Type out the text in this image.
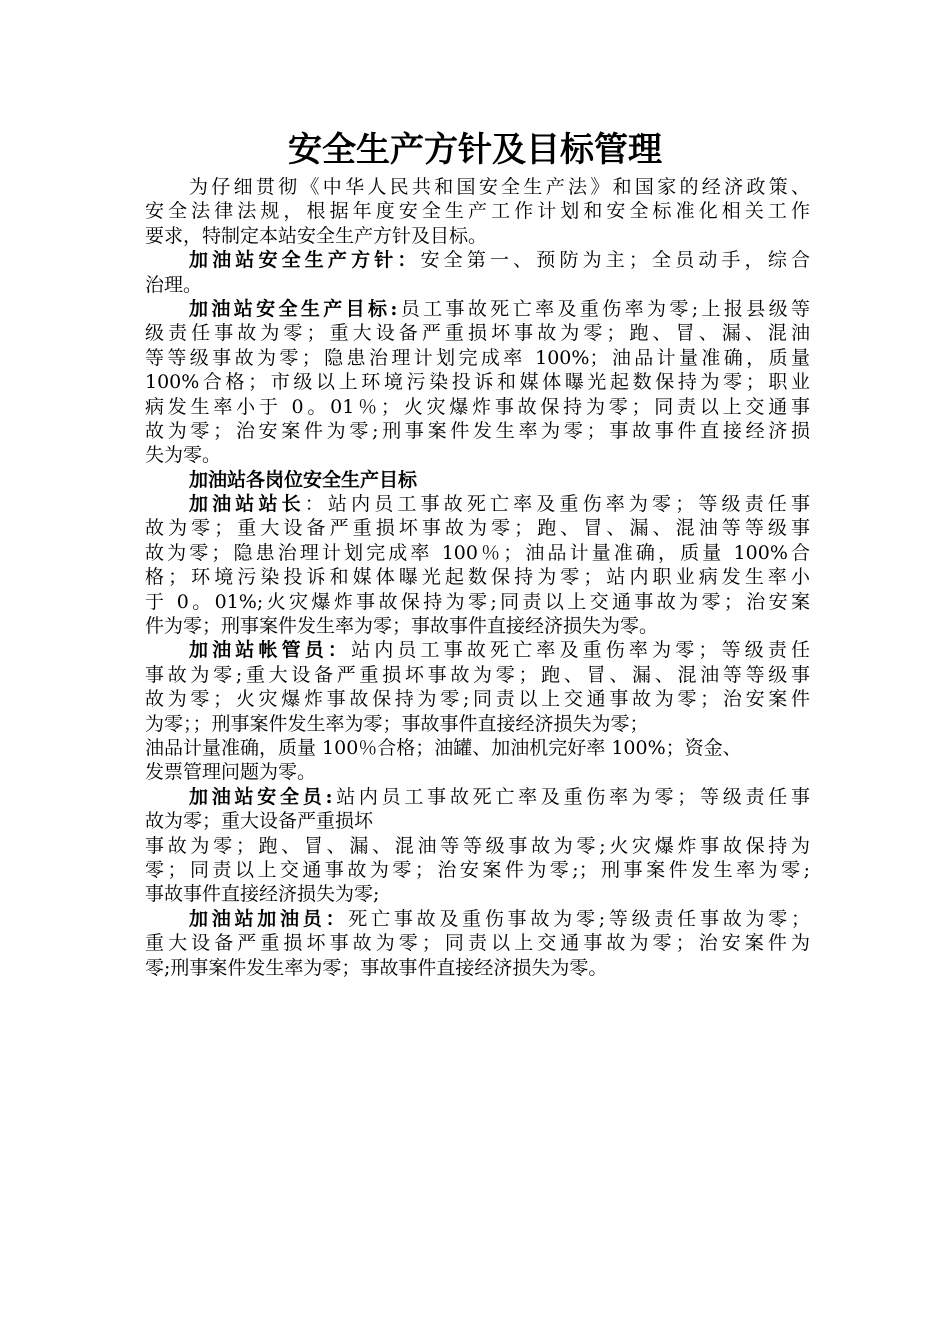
安全生产方针及目标管理
为仔细贯彻《中华人民共和国安全生产法》和国家的经济政策、
安全法律法规，根据年度安全生产工作计划和安全标准化相关工作
要求，特制定本站安全生产方针及目标。
加油站安全生产方针：安全第一、预防为主；全员动手，综合
治理。
加油站安全生产目标:员工事故死亡率及重伤率为零;上报县级等
级责任事故为零；重大设备严重损坏事故为零；跑、冒、漏、混油
等等级事故为零；隐患治理计划完成率 100%；油品计量准确，质量
100%合格；市级以上环境污染投诉和媒体曝光起数保持为零；职业
病发生率小于 0。01％；火灾爆炸事故保持为零；同责以上交通事
故为零；治安案件为零;刑事案件发生率为零；事故事件直接经济损
失为零。
加油站各岗位安全生产目标
加油站站长：站内员工事故死亡率及重伤率为零；等级责任事
故为零；重大设备严重损坏事故为零；跑、冒、漏、混油等等级事
故为零；隐患治理计划完成率 100％；油品计量准确，质量 100%合
格；环境污染投诉和媒体曝光起数保持为零；站内职业病发生率小
于 0。01%;火灾爆炸事故保持为零;同责以上交通事故为零；治安案
件为零；刑事案件发生率为零；事故事件直接经济损失为零。
加油站帐管员：站内员工事故死亡率及重伤率为零；等级责任
事故为零;重大设备严重损坏事故为零；跑、冒、漏、混油等等级事
故为零；火灾爆炸事故保持为零;同责以上交通事故为零；治安案件
为零；；刑事案件发生率为零；事故事件直接经济损失为零；
油品计量准确，质量 100％合格；油罐、加油机完好率 100%；资金、
发票管理问题为零。
加油站安全员:站内员工事故死亡率及重伤率为零；等级责任事
故为零；重大设备严重损坏
事故为零；跑、冒、漏、混油等等级事故为零;火灾爆炸事故保持为
零；同责以上交通事故为零；治安案件为零;；刑事案件发生率为零;
事故事件直接经济损失为零;
加油站加油员：死亡事故及重伤事故为零;等级责任事故为零；
重大设备严重损坏事故为零；同责以上交通事故为零；治安案件为
零;刑事案件发生率为零；事故事件直接经济损失为零。
